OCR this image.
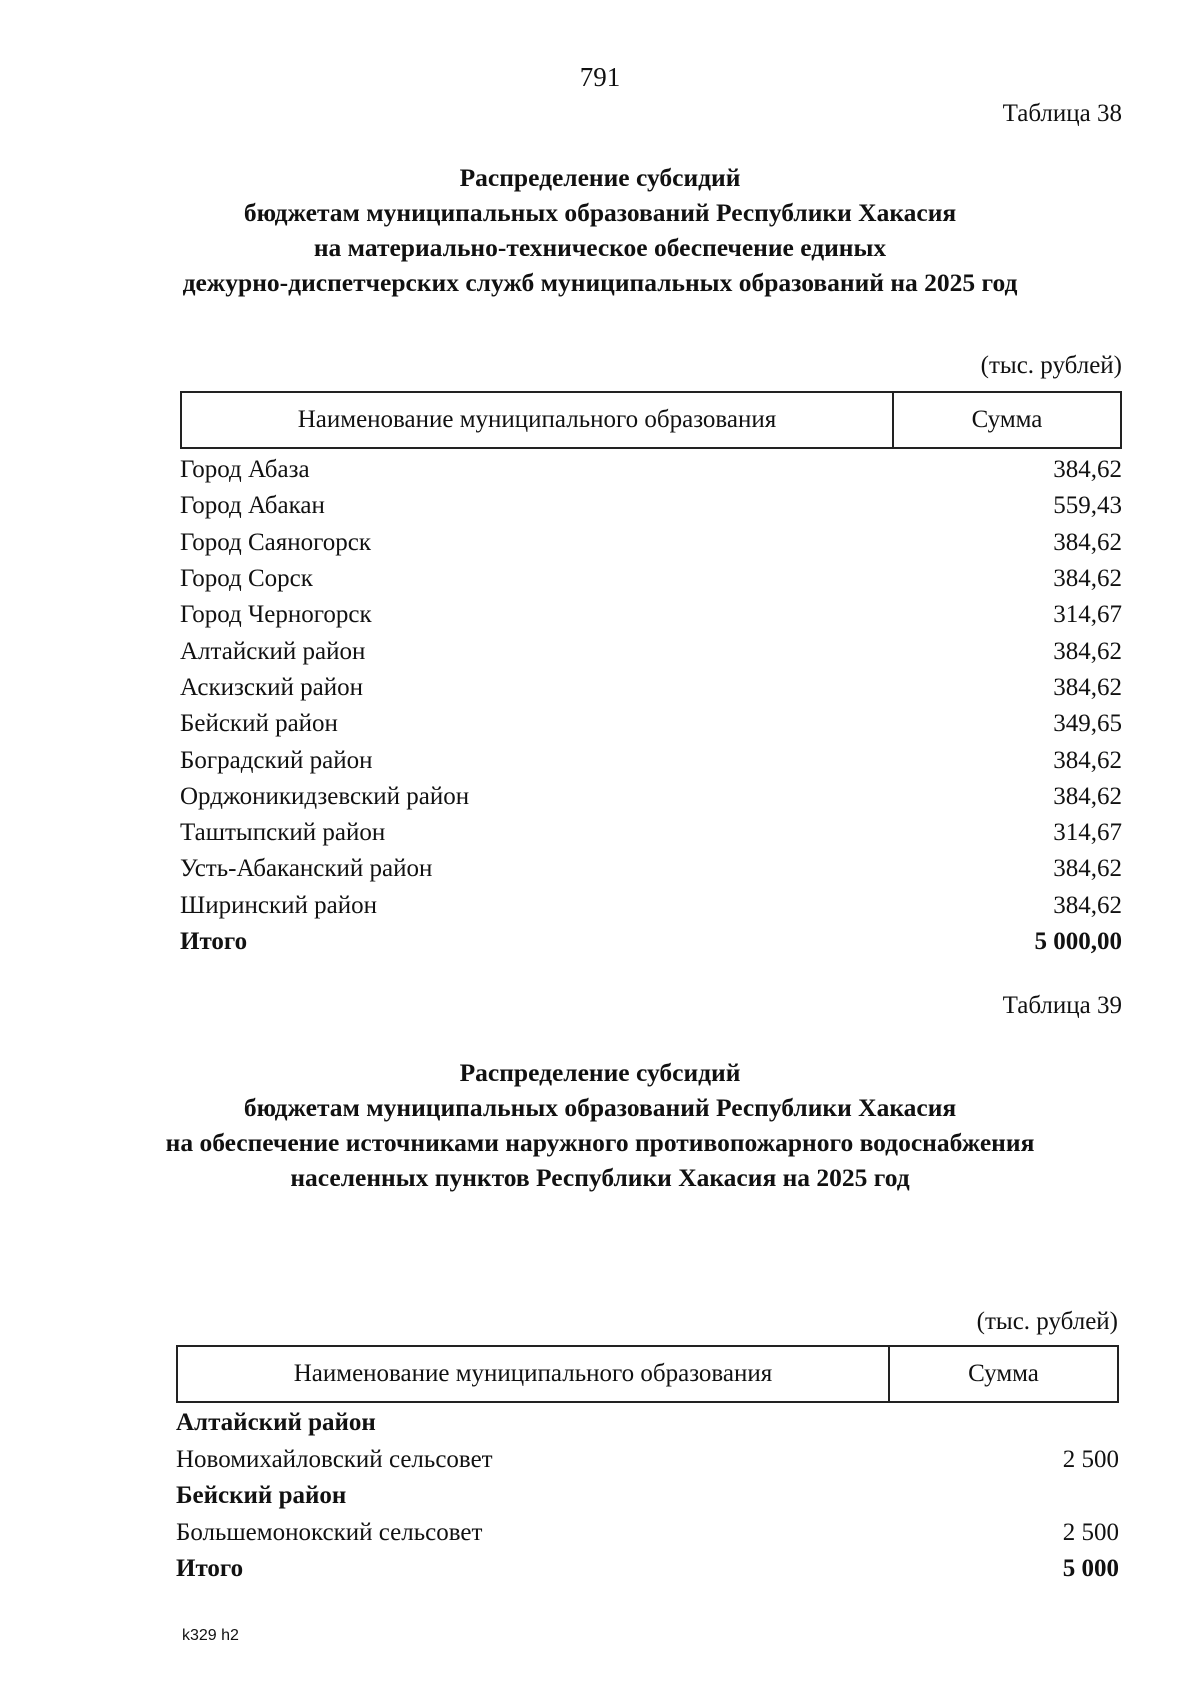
791
Таблица 38
Распределение субсидий
бюджетам муниципальных образований Республики Хакасия
на материально-техническое обеспечение единых
дежурно-диспетчерских служб муниципальных образований на 2025 год
(тыс. рублей)
Наименование муниципального образования	Сумма
Город Абаза	384,62
Город Абакан	559,43
Город Саяногорск	384,62
Город Сорск	384,62
Город Черногорск	314,67
Алтайский район	384,62
Аскизский район	384,62
Бейский район	349,65
Боградский район	384,62
Орджоникидзевский район	384,62
Таштыпский район	314,67
Усть-Абаканский район	384,62
Ширинский район	384,62
Итого	5 000,00
Таблица 39
Распределение субсидий
бюджетам муниципальных образований Республики Хакасия
на обеспечение источниками наружного противопожарного водоснабжения
населенных пунктов Республики Хакасия на 2025 год
(тыс. рублей)
Наименование муниципального образования	Сумма
Алтайский район
Новомихайловский сельсовет	2 500
Бейский район
Большемонокский сельсовет	2 500
Итого	5 000
k329 h2
